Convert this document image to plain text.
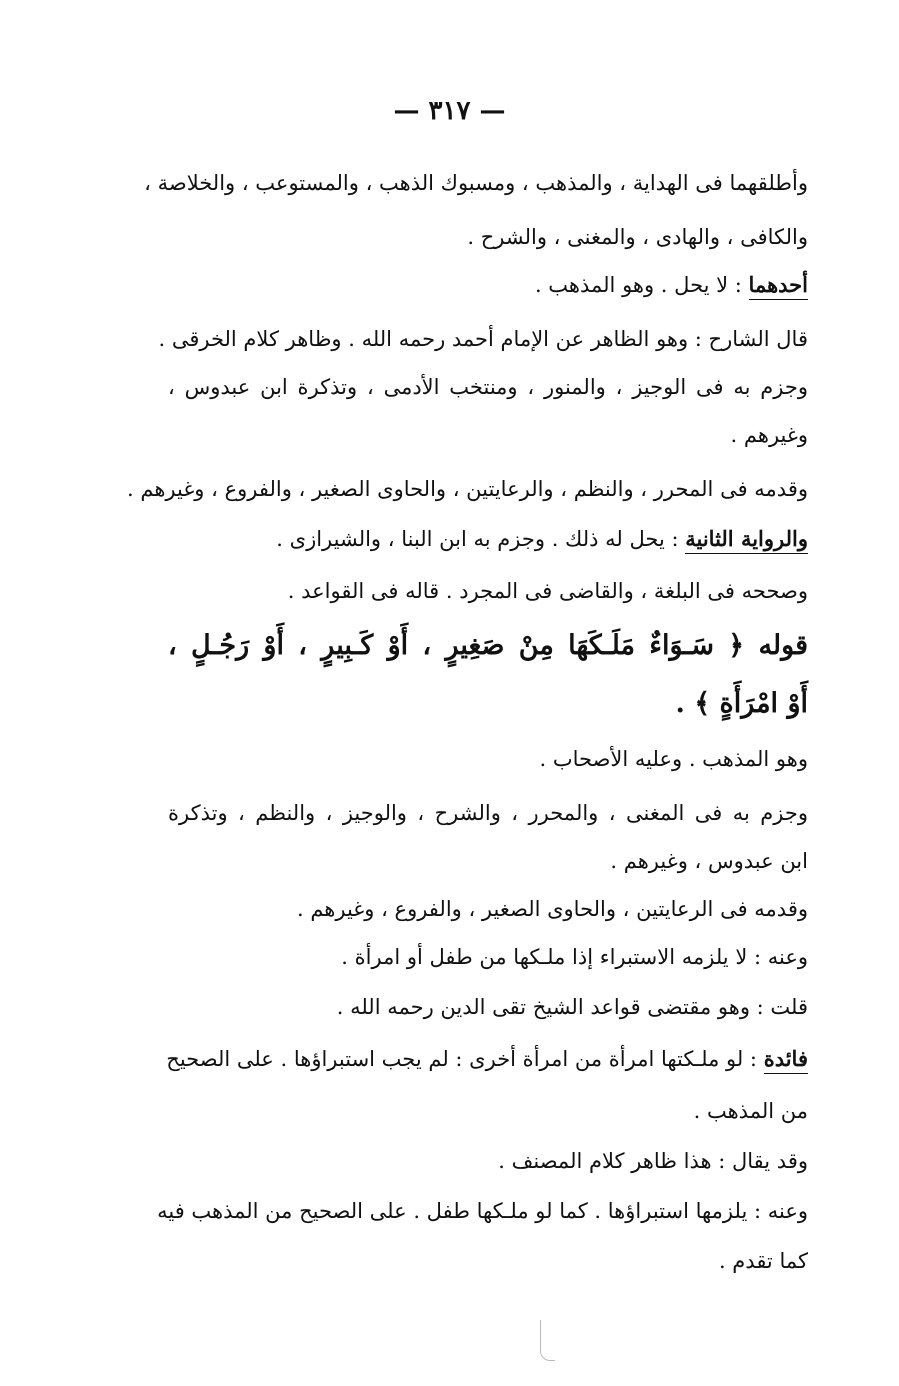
— ٣١٧ —
وأطلقهما فى الهداية ، والمذهب ، ومسبوك الذهب ، والمستوعب ، والخلاصة ،
والكافى ، والهادى ، والمغنى ، والشرح .
أحدهما : لا يحل . وهو المذهب .
قال الشارح : وهو الظاهر عن الإمام أحمد رحمه الله . وظاهر كلام الخرقى .
وجزم به فى الوجيز ، والمنور ، ومنتخب الأدمى ، وتذكرة ابن عبدوس ،
وغيرهم .
وقدمه فى المحرر ، والنظم ، والرعايتين ، والحاوى الصغير ، والفروع ، وغيرهم .
والرواية الثانية : يحل له ذلك . وجزم به ابن البنا ، والشيرازى .
وصححه فى البلغة ، والقاضى فى المجرد . قاله فى القواعد .
قوله ﴿ سَـوَاءٌ مَلَـكَهَا مِنْ صَغِيرٍ ، أَوْ كَـبِيرٍ ، أَوْ رَجُـلٍ ،
أَوْ امْرَأَةٍ ﴾ .
وهو المذهب . وعليه الأصحاب .
وجزم به فى المغنى ، والمحرر ، والشرح ، والوجيز ، والنظم ، وتذكرة
ابن عبدوس ، وغيرهم .
وقدمه فى الرعايتين ، والحاوى الصغير ، والفروع ، وغيرهم .
وعنه : لا يلزمه الاستبراء إذا ملـكها من طفل أو امرأة .
قلت : وهو مقتضى قواعد الشيخ تقى الدين رحمه الله .
فائدة : لو ملـكتها امرأة من امرأة أخرى : لم يجب استبراؤها . على الصحيح
من المذهب .
وقد يقال : هذا ظاهر كلام المصنف .
وعنه : يلزمها استبراؤها . كما لو ملـكها طفل . على الصحيح من المذهب فيه
كما تقدم .
